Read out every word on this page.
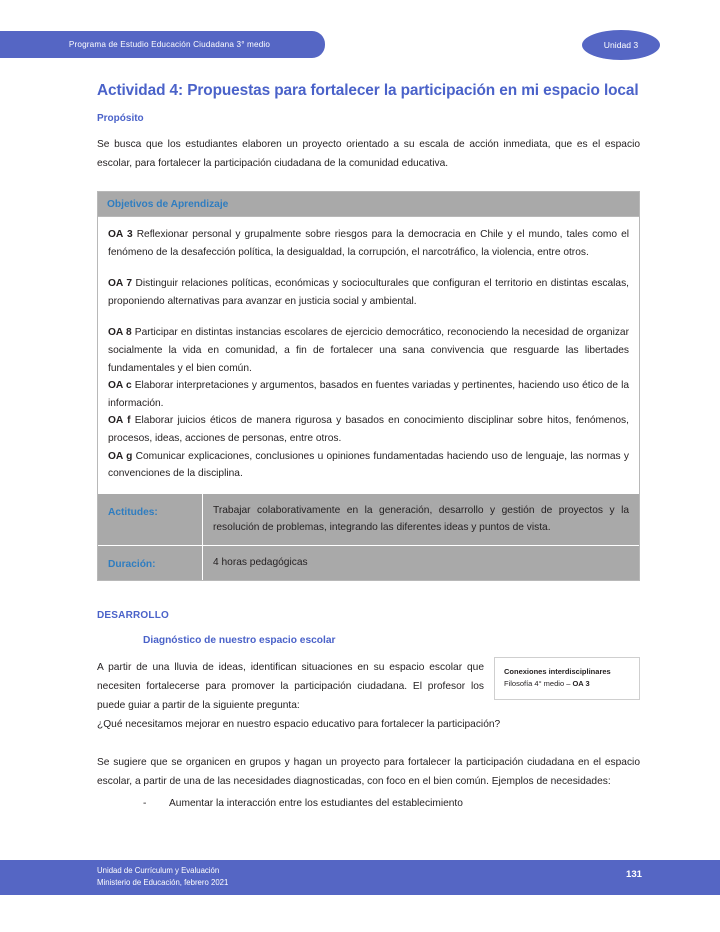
Programa de Estudio Educación Ciudadana 3° medio	Unidad 3
Actividad 4: Propuestas para fortalecer la participación en mi espacio local
Propósito

Se busca que los estudiantes elaboren un proyecto orientado a su escala de acción inmediata, que es el espacio escolar, para fortalecer la participación ciudadana de la comunidad educativa.

Objetivos de Aprendizaje
OA 3 Reflexionar personal y grupalmente sobre riesgos para la democracia en Chile y el mundo, tales como el fenómeno de la desafección política, la desigualdad, la corrupción, el narcotráfico, la violencia, entre otros.
OA 7 Distinguir relaciones políticas, económicas y socioculturales que configuran el territorio en distintas escalas, proponiendo alternativas para avanzar en justicia social y ambiental.
OA 8 Participar en distintas instancias escolares de ejercicio democrático, reconociendo la necesidad de organizar socialmente la vida en comunidad, a fin de fortalecer una sana convivencia que resguarde las libertades fundamentales y el bien común.
OA c Elaborar interpretaciones y argumentos, basados en fuentes variadas y pertinentes, haciendo uso ético de la información.
OA f Elaborar juicios éticos de manera rigurosa y basados en conocimiento disciplinar sobre hitos, fenómenos, procesos, ideas, acciones de personas, entre otros.
OA g Comunicar explicaciones, conclusiones u opiniones fundamentadas haciendo uso de lenguaje, las normas y convenciones de la disciplina.
Actitudes:	Trabajar colaborativamente en la generación, desarrollo y gestión de proyectos y la resolución de problemas, integrando las diferentes ideas y puntos de vista.
Duración:	4 horas pedagógicas
DESARROLLO
Diagnóstico de nuestro espacio escolar
Conexiones interdisciplinares
Filosofía 4° medio – OA 3
A partir de una lluvia de ideas, identifican situaciones en su espacio escolar que necesiten fortalecerse para promover la participación ciudadana. El profesor los puede guiar a partir de la siguiente pregunta:
¿Qué necesitamos mejorar en nuestro espacio educativo para fortalecer la participación?
Se sugiere que se organicen en grupos y hagan un proyecto para fortalecer la participación ciudadana en el espacio escolar, a partir de una de las necesidades diagnosticadas, con foco en el bien común. Ejemplos de necesidades:
-	Aumentar la interacción entre los estudiantes del establecimiento
Unidad de Currículum y Evaluación
Ministerio de Educación, febrero 2021
131
